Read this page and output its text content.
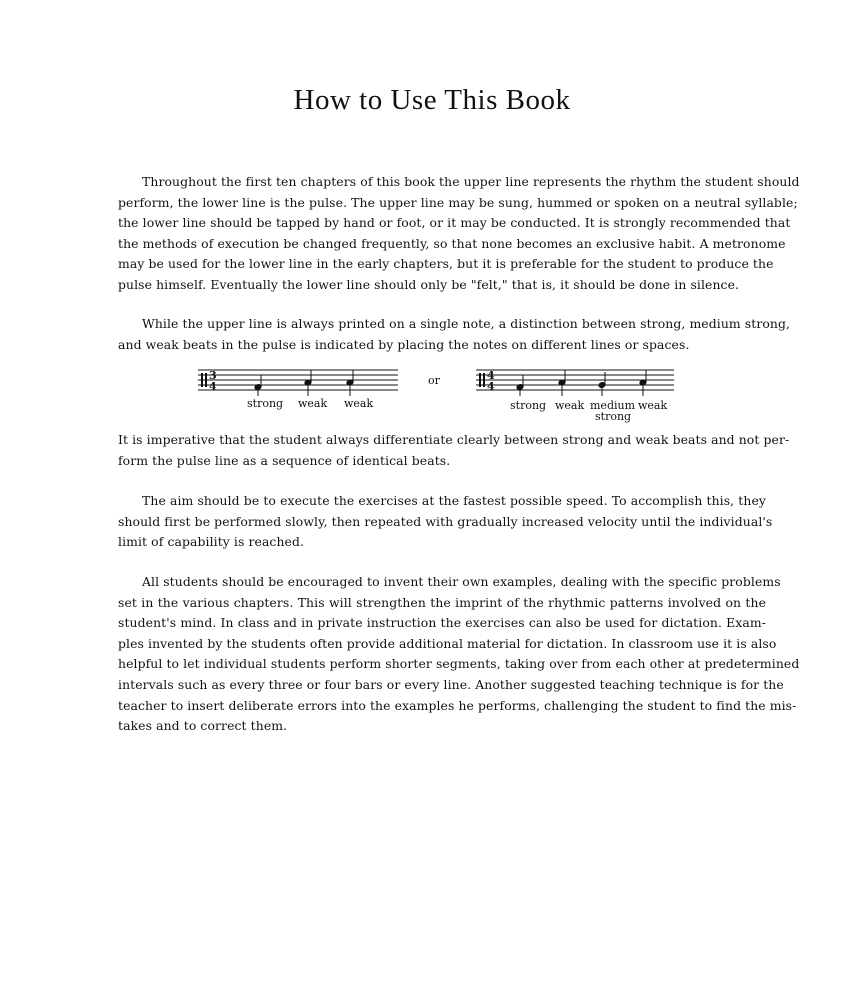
How to Use This Book

Throughout the first ten chapters of this book the upper line represents the rhythm the student should
perform, the lower line is the pulse. The upper line may be sung, hummed or spoken on a neutral syllable;
the lower line should be tapped by hand or foot, or it may be conducted. It is strongly recommended that
the methods of execution be changed frequently, so that none becomes an exclusive habit. A metronome
may be used for the lower line in the early chapters, but it is preferable for the student to produce the
pulse himself. Eventually the lower line should only be "felt," that is, it should be done in silence.

While the upper line is always printed on a single note, a distinction between strong, medium strong,
and weak beats in the pulse is indicated by placing the notes on different lines or spaces.

3
4
strong weak weak
or	4
4
strong weak medium weak
strong

It is imperative that the student always differentiate clearly between strong and weak beats and not per-
form the pulse line as a sequence of identical beats.

The aim should be to execute the exercises at the fastest possible speed. To accomplish this, they
should first be performed slowly, then repeated with gradually increased velocity until the individual's
limit of capability is reached.

All students should be encouraged to invent their own examples, dealing with the specific problems
set in the various chapters. This will strengthen the imprint of the rhythmic patterns involved on the
student's mind. In class and in private instruction the exercises can also be used for dictation. Exam-
ples invented by the students often provide additional material for dictation. In classroom use it is also
helpful to let individual students perform shorter segments, taking over from each other at predetermined
intervals such as every three or four bars or every line. Another suggested teaching technique is for the
teacher to insert deliberate errors into the examples he performs, challenging the student to find the mis-
takes and to correct them.
